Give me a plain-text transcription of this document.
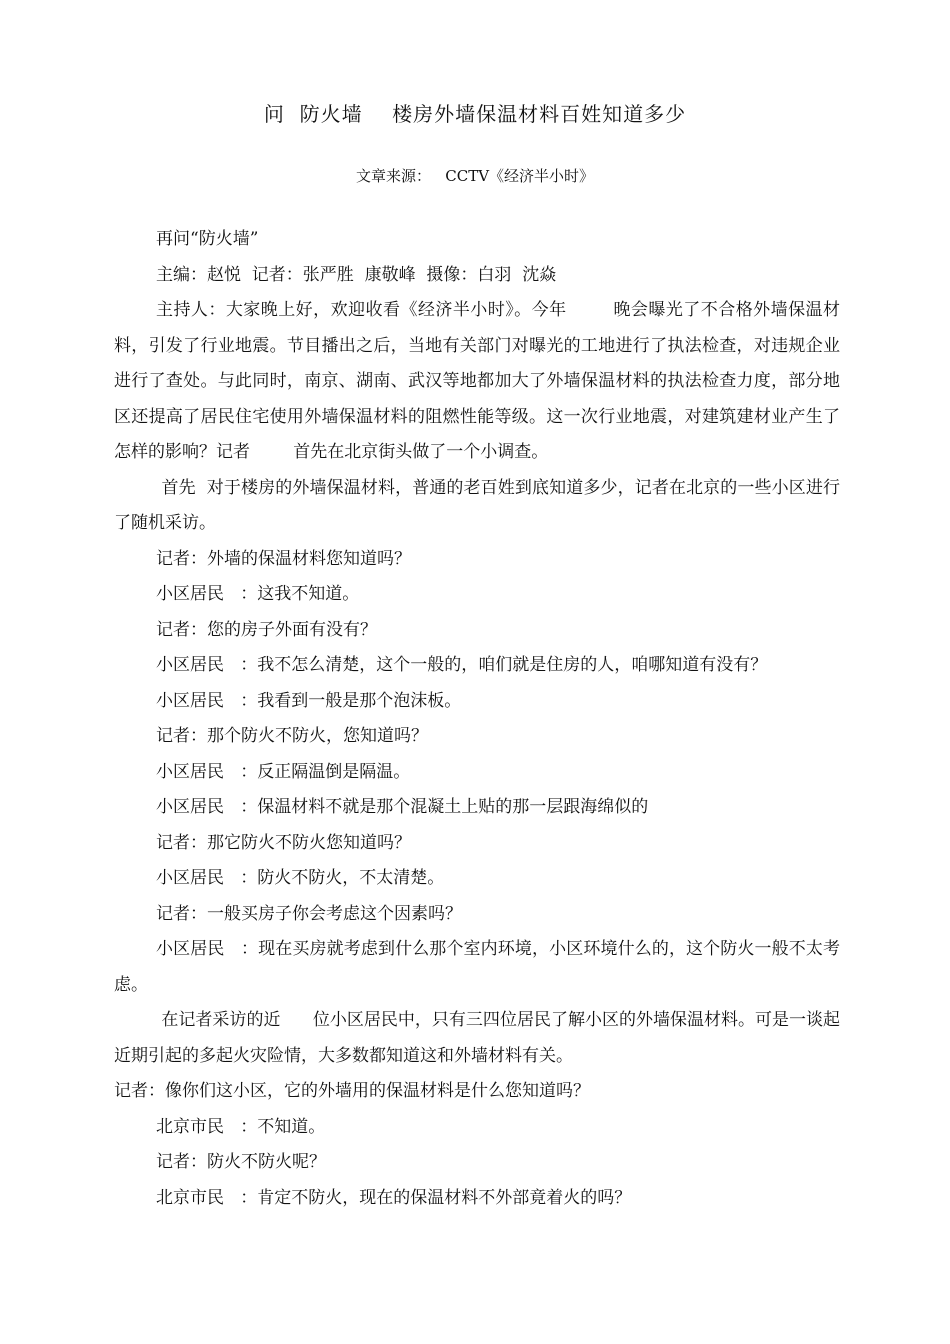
问  防火墙    楼房外墙保温材料百姓知道多少
文章来源：   CCTV《经济半小时》

再问“防火墙”

主编：赵悦  记者：张严胜  康敬峰  摄像：白羽  沈焱

主持人：大家晚上好，欢迎收看《经济半小时》。今年        晚会曝光了不合格外墙保温材料，引发了行业地震。节目播出之后，当地有关部门对曝光的工地进行了执法检查，对违规企业进行了查处。与此同时，南京、湖南、武汉等地都加大了外墙保温材料的执法检查力度，部分地区还提高了居民住宅使用外墙保温材料的阻燃性能等级。这一次行业地震，对建筑建材业产生了怎样的影响？记者        首先在北京街头做了一个小调查。

首先  对于楼房的外墙保温材料，普通的老百姓到底知道多少，记者在北京的一些小区进行了随机采访。

记者：外墙的保温材料您知道吗？

小区居民   ：这我不知道。

记者：您的房子外面有没有？

小区居民   ：我不怎么清楚，这个一般的，咱们就是住房的人，咱哪知道有没有？

小区居民   ：我看到一般是那个泡沫板。

记者：那个防火不防火，您知道吗？

小区居民   ：反正隔温倒是隔温。

小区居民   ：保温材料不就是那个混凝土上贴的那一层跟海绵似的

记者：那它防火不防火您知道吗？

小区居民   ：防火不防火，不太清楚。

记者：一般买房子你会考虑这个因素吗？

小区居民   ：现在买房就考虑到什么那个室内环境，小区环境什么的，这个防火一般不太考虑。

在记者采访的近      位小区居民中，只有三四位居民了解小区的外墙保温材料。可是一谈起近期引起的多起火灾险情，大多数都知道这和外墙材料有关。

记者：像你们这小区，它的外墙用的保温材料是什么您知道吗？

北京市民   ：不知道。

记者：防火不防火呢？

北京市民   ：肯定不防火，现在的保温材料不外部竟着火的吗？
